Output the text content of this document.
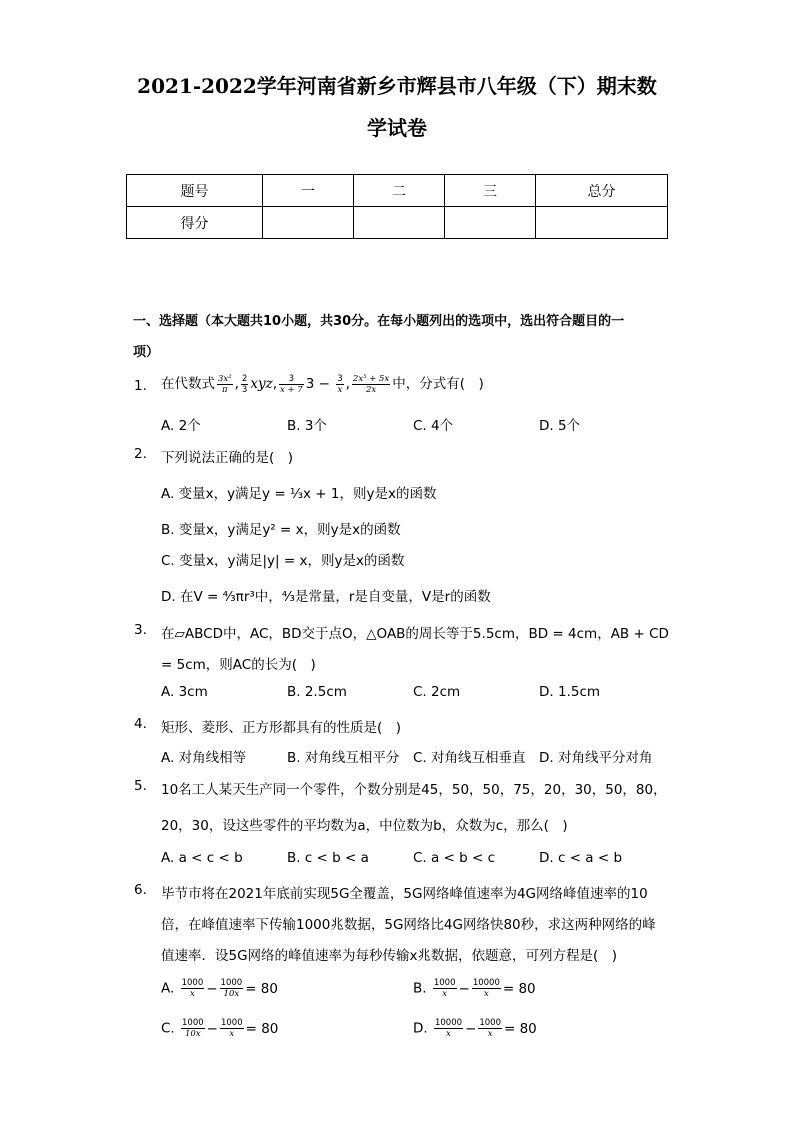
2021-2022学年河南省新乡市辉县市八年级（下）期末数
学试卷
题号	一	二	三	总分
得分				
一、选择题（本大题共10小题，共30分。在每小题列出的选项中，选出符合题目的一
项）
1. 在代数式 $\frac{\text{3x²}}{\pi}$ , $\frac{2}{3}$ xyz, $\frac{3}{x + 7} 3 - \frac{3}{x}$ , $\frac{\text{2x⁵ + 5x}}{2x}$ 中，分式有(　)
A. 2个	B. 3个	C. 4个	D. 5个
2. 下列说法正确的是(　)
A. 变量x，y满足y = ⅓x + 1，则y是x的函数
B. 变量x，y满足y² = x，则y是x的函数
C. 变量x，y满足|y| = x，则y是x的函数
D. 在V = ⁴⁄₃πr³中，⁴⁄₃是常量，r是自变量，V是r的函数
3. 在▱ABCD中，AC，BD交于点O，△OAB的周长等于5.5cm，BD = 4cm，AB + CD
= 5cm，则AC的长为(　)
A. 3cm	B. 2.5cm	C. 2cm	D. 1.5cm
4. 矩形、菱形、正方形都具有的性质是(　)
A. 对角线相等	B. 对角线互相平分 C. 对角线互相垂直 D. 对角线平分对角
5. 10名工人某天生产同一个零件，个数分别是45，50，50，75，20，30，50，80，
20，30，设这些零件的平均数为a，中位数为b，众数为c，那么(　)
A. a < c < b	B. c < b < a	C. a < b < c	D. c < a < b
6. 毕节市将在2021年底前实现5G全覆盖，5G网络峰值速率为4G网络峰值速率的10
倍，在峰值速率下传输1000兆数据，5G网络比4G网络快80秒，求这两种网络的峰
值速率．设5G网络的峰值速率为每秒传输x兆数据，依题意，可列方程是(　)
A. $\frac{1000}{x} - \frac{1000}{10x} = 80$	B. $\frac{1000}{x} - \frac{10000}{x} = 80$
C. $\frac{1000}{10x} - \frac{1000}{x} = 80$	D. $\frac{10000}{x} - \frac{1000}{x} = 80$
